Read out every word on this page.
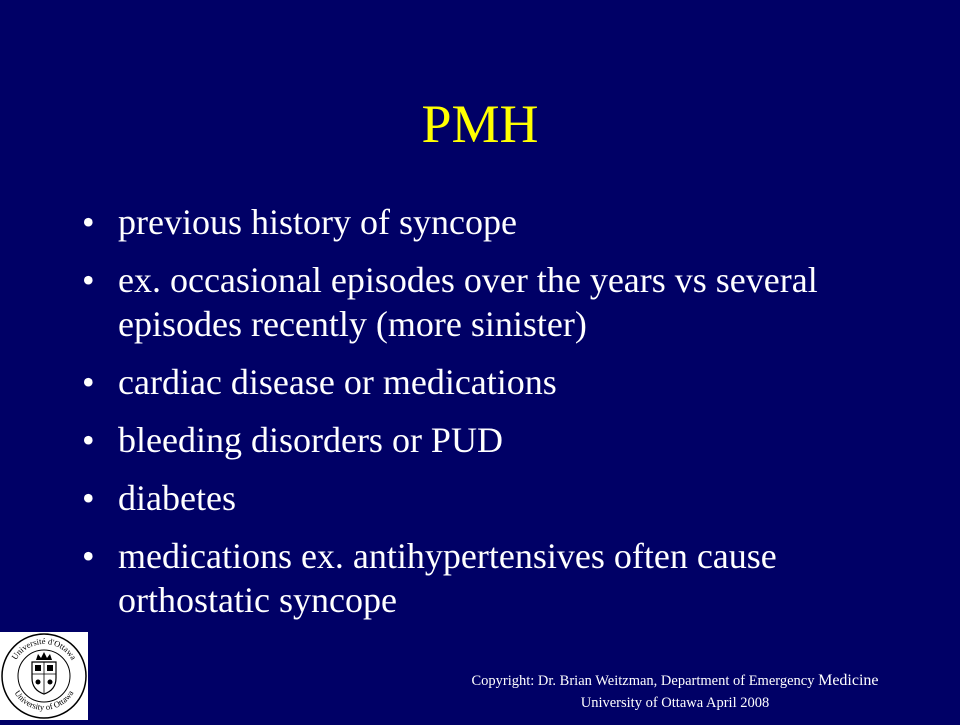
PMH
• previous history of syncope
• ex. occasional episodes over the years vs several episodes recently (more sinister)
• cardiac disease or medications
• bleeding disorders or PUD
• diabetes
• medications ex. antihypertensives often cause orthostatic syncope
Université d'Ottawa
University of Ottawa
Copyright: Dr. Brian Weitzman, Department of Emergency Medicine
University of Ottawa April 2008
